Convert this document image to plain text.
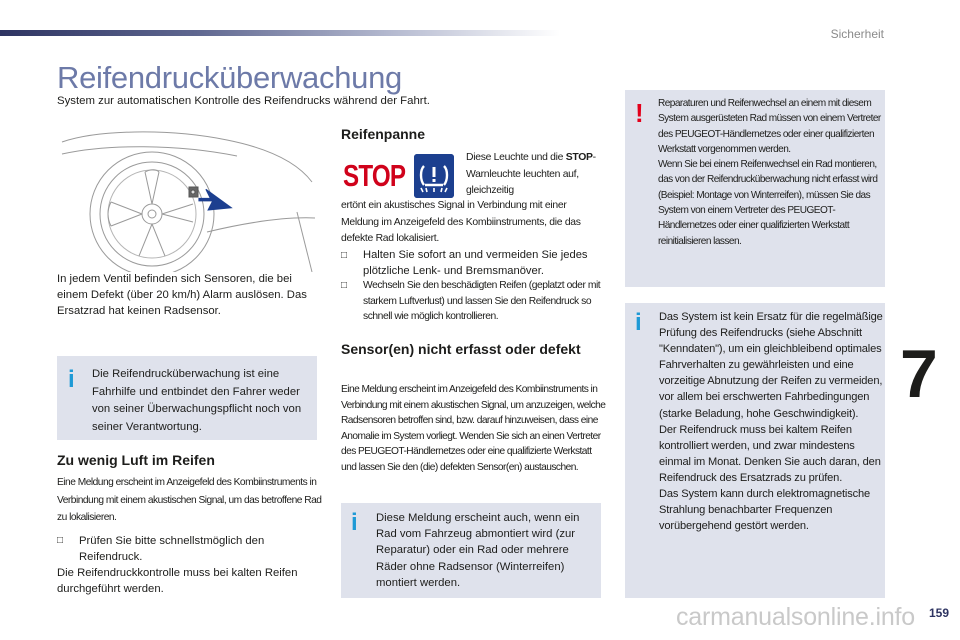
Sicherheit
Reifendrucküberwachung
System zur automatischen Kontrolle des Reifendrucks während der Fahrt.
In jedem Ventil befinden sich Sensoren, die bei einem Defekt (über 20 km/h) Alarm auslösen. Das Ersatzrad hat keinen Radsensor.
i Die Reifendrucküberwachung ist eine Fahrhilfe und entbindet den Fahrer weder von seiner Überwachungspflicht noch von seiner Verantwortung.
Zu wenig Luft im Reifen
Eine Meldung erscheint im Anzeigefeld des Kombiinstruments in Verbindung mit einem akustischen Signal, um das betroffene Rad zu lokalisieren.
□	Prüfen Sie bitte schnellstmöglich den Reifendruck.
Die Reifendruckkontrolle muss bei kalten Reifen durchgeführt werden.
Reifenpanne
STOP
Diese Leuchte und die STOP-Warnleuchte leuchten auf, gleichzeitig
ertönt ein akustisches Signal in Verbindung mit einer Meldung im Anzeigefeld des Kombiinstruments, die das defekte Rad lokalisiert.
□	Halten Sie sofort an und vermeiden Sie jedes plötzliche Lenk- und Bremsmanöver.
□	Wechseln Sie den beschädigten Reifen (geplatzt oder mit starkem Luftverlust) und lassen Sie den Reifendruck so schnell wie möglich kontrollieren.
Sensor(en) nicht erfasst oder defekt
Eine Meldung erscheint im Anzeigefeld des Kombiinstruments in Verbindung mit einem akustischen Signal, um anzuzeigen, welche Radsensoren betroffen sind, bzw. darauf hinzuweisen, dass eine Anomalie im System vorliegt. Wenden Sie sich an einen Vertreter des PEUGEOT-Händlernetzes oder eine qualifizierte Werkstatt und lassen Sie den (die) defekten Sensor(en) austauschen.
i Diese Meldung erscheint auch, wenn ein Rad vom Fahrzeug abmontiert wird (zur Reparatur) oder ein Rad oder mehrere Räder ohne Radsensor (Winterreifen) montiert werden.
! Reparaturen und Reifenwechsel an einem mit diesem System ausgerüsteten Rad müssen von einem Vertreter des PEUGEOT-Händlernetzes oder einer qualifizierten Werkstatt vorgenommen werden.
Wenn Sie bei einem Reifenwechsel ein Rad montieren, das von der Reifendrucküberwachung nicht erfasst wird (Beispiel: Montage von Winterreifen), müssen Sie das System von einem Vertreter des PEUGEOT-Händlernetzes oder einer qualifizierten Werkstatt reinitialisieren lassen.
i Das System ist kein Ersatz für die regelmäßige Prüfung des Reifendrucks (siehe Abschnitt "Kenndaten"), um ein gleichbleibend optimales Fahrverhalten zu gewährleisten und eine vorzeitige Abnutzung der Reifen zu vermeiden, vor allem bei erschwerten Fahrbedingungen (starke Beladung, hohe Geschwindigkeit).
Der Reifendruck muss bei kaltem Reifen kontrolliert werden, und zwar mindestens einmal im Monat. Denken Sie auch daran, den Reifendruck des Ersatzrads zu prüfen.
Das System kann durch elektromagnetische Strahlung benachbarter Frequenzen vorübergehend gestört werden.
7
carmanualsonline.info 159
